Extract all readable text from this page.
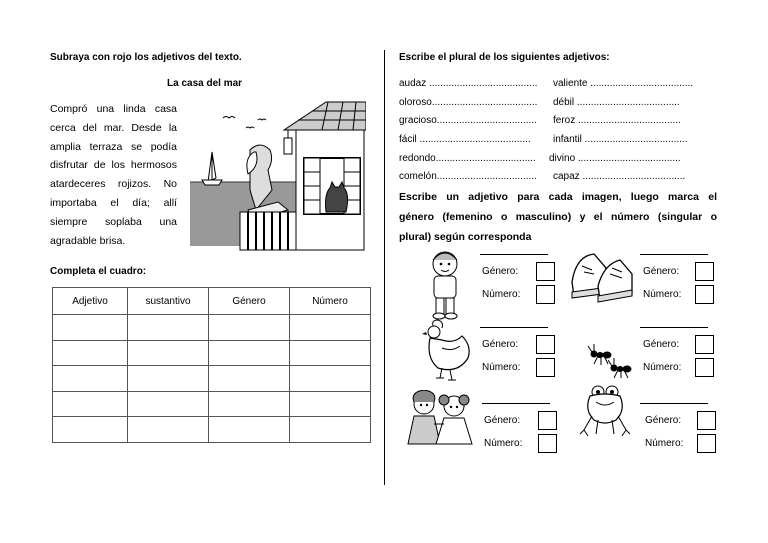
Subraya con rojo los adjetivos del texto.
La casa del mar
Compró una linda casa
cerca del mar. Desde la
amplia terraza se podía
disfrutar de los hermosos
atardeceres rojizos. No
importaba el día; allí
siempre soplaba una
agradable brisa.
Completa el cuadro:
Adjetivo	sustantivo	Género	Número

Escribe el plural de los siguientes adjetivos:
audaz ....................................... valiente .....................................
oloroso...................................... débil .....................................
gracioso.................................... feroz .....................................
fácil ........................................ infantil .....................................
redondo.................................... divino .....................................
comelón.................................... capaz .....................................
Escribe un adjetivo para cada imagen, luego marca el
género (femenino o masculino) y el número (singular o
plural) según corresponda
Género:
Número:
Género:
Número:
Género:
Número:
Género:
Número:
Género:
Número:
Género:
Número:
